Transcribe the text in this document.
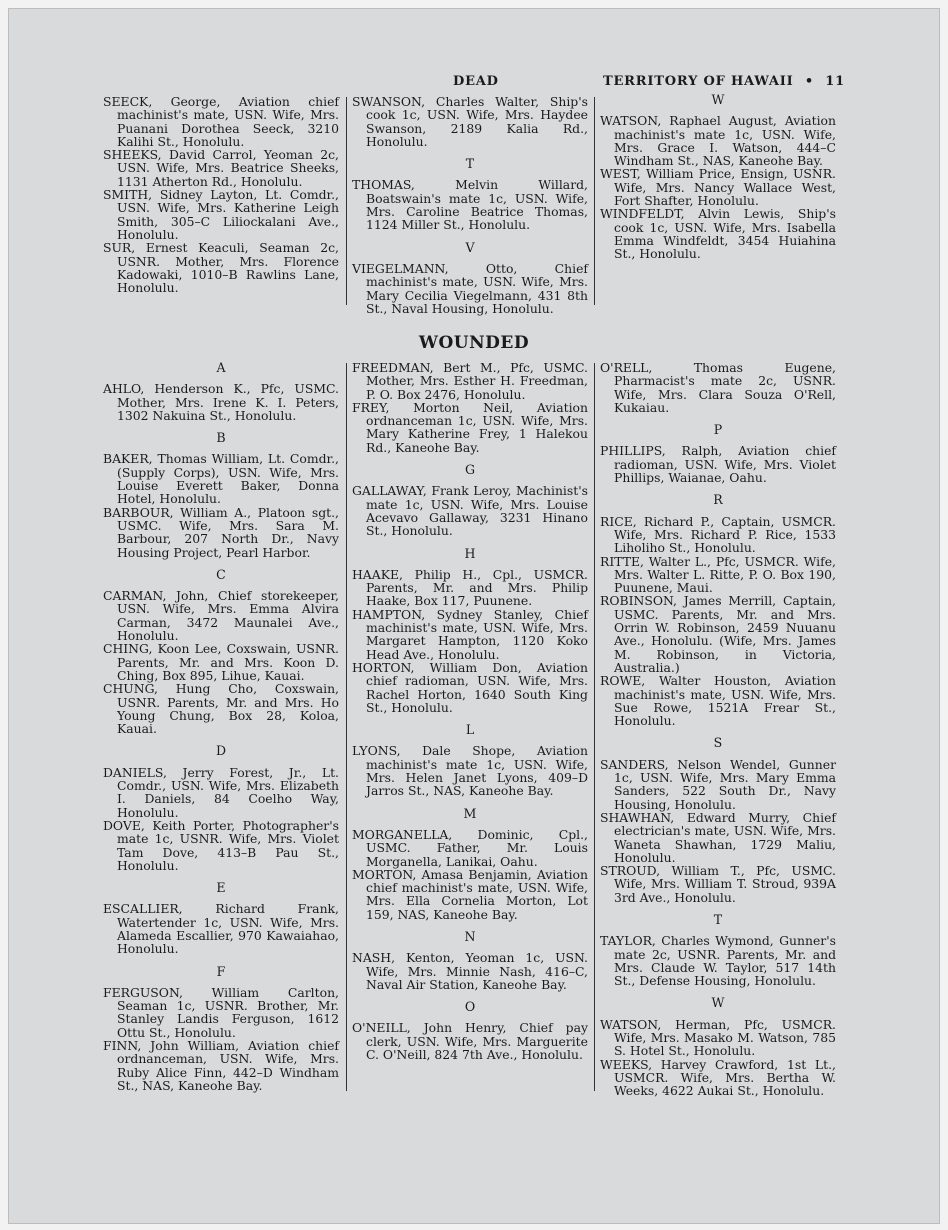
DEAD	TERRITORY OF HAWAII • 11
SEECK, George, Aviation chief machinist's mate, USN. Wife, Mrs. Puanani Dorothea Seeck, 3210 Kalihi St., Honolulu.
SHEEKS, David Carrol, Yeoman 2c, USN. Wife, Mrs. Beatrice Sheeks, 1131 Atherton Rd., Honolulu.
SMITH, Sidney Layton, Lt. Comdr., USN. Wife, Mrs. Katherine Leigh Smith, 305–C Liliockalani Ave., Honolulu.
SUR, Ernest Keaculi, Seaman 2c, USNR. Mother, Mrs. Florence Kadowaki, 1010–B Rawlins Lane, Honolulu.
SWANSON, Charles Walter, Ship's cook 1c, USN. Wife, Mrs. Haydee Swanson, 2189 Kalia Rd., Honolulu.
T
THOMAS, Melvin Willard, Boatswain's mate 1c, USN. Wife, Mrs. Caroline Beatrice Thomas, 1124 Miller St., Honolulu.
V
VIEGELMANN, Otto, Chief machinist's mate, USN. Wife, Mrs. Mary Cecilia Viegelmann, 431 8th St., Naval Housing, Honolulu.
W
WATSON, Raphael August, Aviation machinist's mate 1c, USN. Wife, Mrs. Grace I. Watson, 444–C Windham St., NAS, Kaneohe Bay.
WEST, William Price, Ensign, USNR. Wife, Mrs. Nancy Wallace West, Fort Shafter, Honolulu.
WINDFELDT, Alvin Lewis, Ship's cook 1c, USN. Wife, Mrs. Isabella Emma Windfeldt, 3454 Huiahina St., Honolulu.
WOUNDED
A
AHLO, Henderson K., Pfc, USMC. Mother, Mrs. Irene K. I. Peters, 1302 Nakuina St., Honolulu.
B
BAKER, Thomas William, Lt. Comdr., (Supply Corps), USN. Wife, Mrs. Louise Everett Baker, Donna Hotel, Honolulu.
BARBOUR, William A., Platoon sgt., USMC. Wife, Mrs. Sara M. Barbour, 207 North Dr., Navy Housing Project, Pearl Harbor.
C
CARMAN, John, Chief storekeeper, USN. Wife, Mrs. Emma Alvira Carman, 3472 Maunalei Ave., Honolulu.
CHING, Koon Lee, Coxswain, USNR. Parents, Mr. and Mrs. Koon D. Ching, Box 895, Lihue, Kauai.
CHUNG, Hung Cho, Coxswain, USNR. Parents, Mr. and Mrs. Ho Young Chung, Box 28, Koloa, Kauai.
D
DANIELS, Jerry Forest, Jr., Lt. Comdr., USN. Wife, Mrs. Elizabeth I. Daniels, 84 Coelho Way, Honolulu.
DOVE, Keith Porter, Photographer's mate 1c, USNR. Wife, Mrs. Violet Tam Dove, 413–B Pau St., Honolulu.
E
ESCALLIER, Richard Frank, Watertender 1c, USN. Wife, Mrs. Alameda Escallier, 970 Kawaiahao, Honolulu.
F
FERGUSON, William Carlton, Seaman 1c, USNR. Brother, Mr. Stanley Landis Ferguson, 1612 Ottu St., Honolulu.
FINN, John William, Aviation chief ordnanceman, USN. Wife, Mrs. Ruby Alice Finn, 442–D Windham St., NAS, Kaneohe Bay.
FREEDMAN, Bert M., Pfc, USMC. Mother, Mrs. Esther H. Freedman, P. O. Box 2476, Honolulu.
FREY, Morton Neil, Aviation ordnanceman 1c, USN. Wife, Mrs. Mary Katherine Frey, 1 Halekou Rd., Kaneohe Bay.
G
GALLAWAY, Frank Leroy, Machinist's mate 1c, USN. Wife, Mrs. Louise Acevavo Gallaway, 3231 Hinano St., Honolulu.
H
HAAKE, Philip H., Cpl., USMCR. Parents, Mr. and Mrs. Philip Haake, Box 117, Puunene.
HAMPTON, Sydney Stanley, Chief machinist's mate, USN. Wife, Mrs. Margaret Hampton, 1120 Koko Head Ave., Honolulu.
HORTON, William Don, Aviation chief radioman, USN. Wife, Mrs. Rachel Horton, 1640 South King St., Honolulu.
L
LYONS, Dale Shope, Aviation machinist's mate 1c, USN. Wife, Mrs. Helen Janet Lyons, 409–D Jarros St., NAS, Kaneohe Bay.
M
MORGANELLA, Dominic, Cpl., USMC. Father, Mr. Louis Morganella, Lanikai, Oahu.
MORTON, Amasa Benjamin, Aviation chief machinist's mate, USN. Wife, Mrs. Ella Cornelia Morton, Lot 159, NAS, Kaneohe Bay.
N
NASH, Kenton, Yeoman 1c, USN. Wife, Mrs. Minnie Nash, 416–C, Naval Air Station, Kaneohe Bay.
O
O'NEILL, John Henry, Chief pay clerk, USN. Wife, Mrs. Marguerite C. O'Neill, 824 7th Ave., Honolulu.
O'RELL, Thomas Eugene, Pharmacist's mate 2c, USNR. Wife, Mrs. Clara Souza O'Rell, Kukaiau.
P
PHILLIPS, Ralph, Aviation chief radioman, USN. Wife, Mrs. Violet Phillips, Waianae, Oahu.
R
RICE, Richard P., Captain, USMCR. Wife, Mrs. Richard P. Rice, 1533 Liholiho St., Honolulu.
RITTE, Walter L., Pfc, USMCR. Wife, Mrs. Walter L. Ritte, P. O. Box 190, Puunene, Maui.
ROBINSON, James Merrill, Captain, USMC. Parents, Mr. and Mrs. Orrin W. Robinson, 2459 Nuuanu Ave., Honolulu. (Wife, Mrs. James M. Robinson, in Victoria, Australia.)
ROWE, Walter Houston, Aviation machinist's mate, USN. Wife, Mrs. Sue Rowe, 1521A Frear St., Honolulu.
S
SANDERS, Nelson Wendel, Gunner 1c, USN. Wife, Mrs. Mary Emma Sanders, 522 South Dr., Navy Housing, Honolulu.
SHAWHAN, Edward Murry, Chief electrician's mate, USN. Wife, Mrs. Waneta Shawhan, 1729 Maliu, Honolulu.
STROUD, William T., Pfc, USMC. Wife, Mrs. William T. Stroud, 939A 3rd Ave., Honolulu.
T
TAYLOR, Charles Wymond, Gunner's mate 2c, USNR. Parents, Mr. and Mrs. Claude W. Taylor, 517 14th St., Defense Housing, Honolulu.
W
WATSON, Herman, Pfc, USMCR. Wife, Mrs. Masako M. Watson, 785 S. Hotel St., Honolulu.
WEEKS, Harvey Crawford, 1st Lt., USMCR. Wife, Mrs. Bertha W. Weeks, 4622 Aukai St., Honolulu.
